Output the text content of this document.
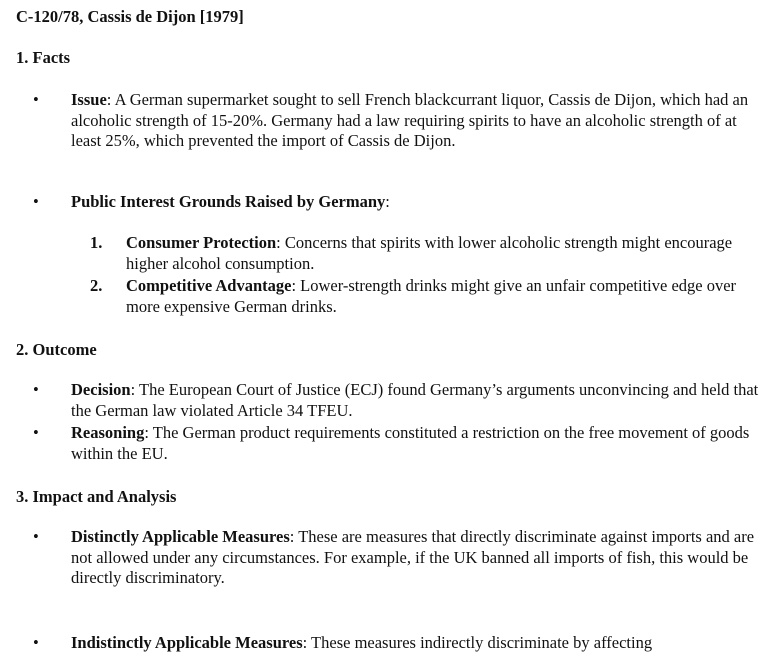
C-120/78, Cassis de Dijon [1979]
1. Facts
• Issue: A German supermarket sought to sell French blackcurrant liquor, Cassis de Dijon, which had an alcoholic strength of 15-20%. Germany had a law requiring spirits to have an alcoholic strength of at least 25%, which prevented the import of Cassis de Dijon.
• Public Interest Grounds Raised by Germany:
1. Consumer Protection: Concerns that spirits with lower alcoholic strength might encourage higher alcohol consumption.
2. Competitive Advantage: Lower-strength drinks might give an unfair competitive edge over more expensive German drinks.
2. Outcome
• Decision: The European Court of Justice (ECJ) found Germany’s arguments unconvincing and held that the German law violated Article 34 TFEU.
• Reasoning: The German product requirements constituted a restriction on the free movement of goods within the EU.
3. Impact and Analysis
• Distinctly Applicable Measures: These are measures that directly discriminate against imports and are not allowed under any circumstances. For example, if the UK banned all imports of fish, this would be directly discriminatory.
• Indistinctly Applicable Measures: These measures indirectly discriminate by affecting
